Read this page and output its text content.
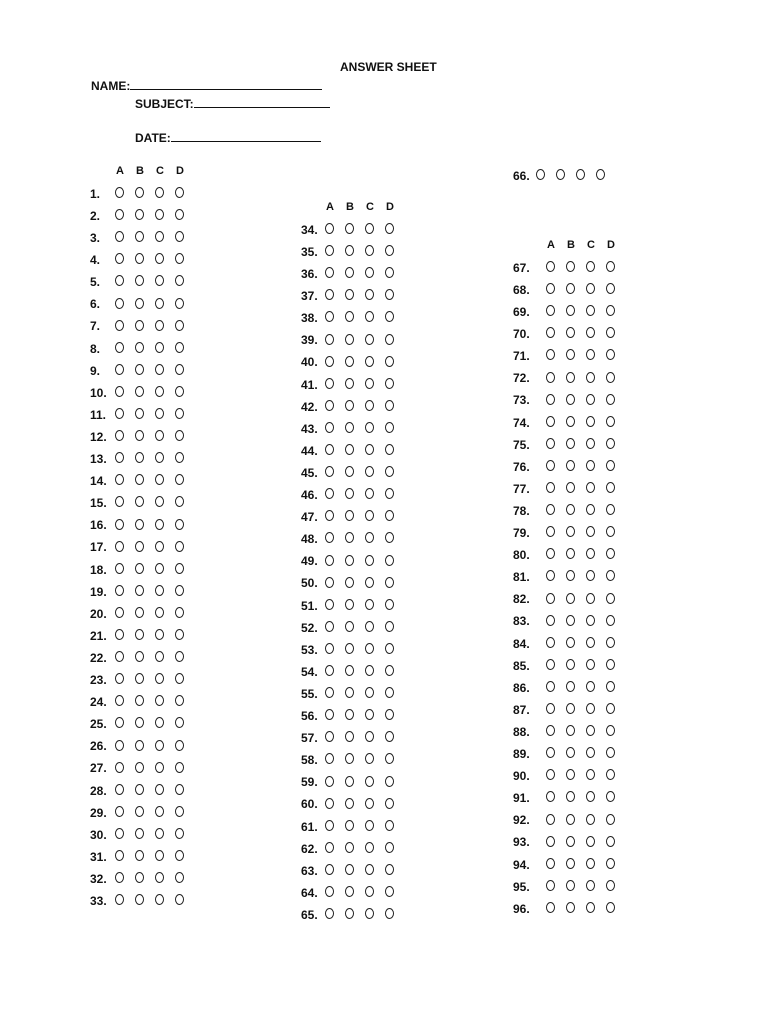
ANSWER SHEET
NAME:
SUBJECT:
DATE:
A B C D
1.
2.
3.
4.
5.
6.
7.
8.
9.
10.
11.
12.
13.
14.
15.
16.
17.
18.
19.
20.
21.
22.
23.
24.
25.
26.
27.
28.
29.
30.
31.
32.
33.
A B C D
34.
35.
36.
37.
38.
39.
40.
41.
42.
43.
44.
45.
46.
47.
48.
49.
50.
51.
52.
53.
54.
55.
56.
57.
58.
59.
60.
61.
62.
63.
64.
65.
66.
A B C D
67.
68.
69.
70.
71.
72.
73.
74.
75.
76.
77.
78.
79.
80.
81.
82.
83.
84.
85.
86.
87.
88.
89.
90.
91.
92.
93.
94.
95.
96.
